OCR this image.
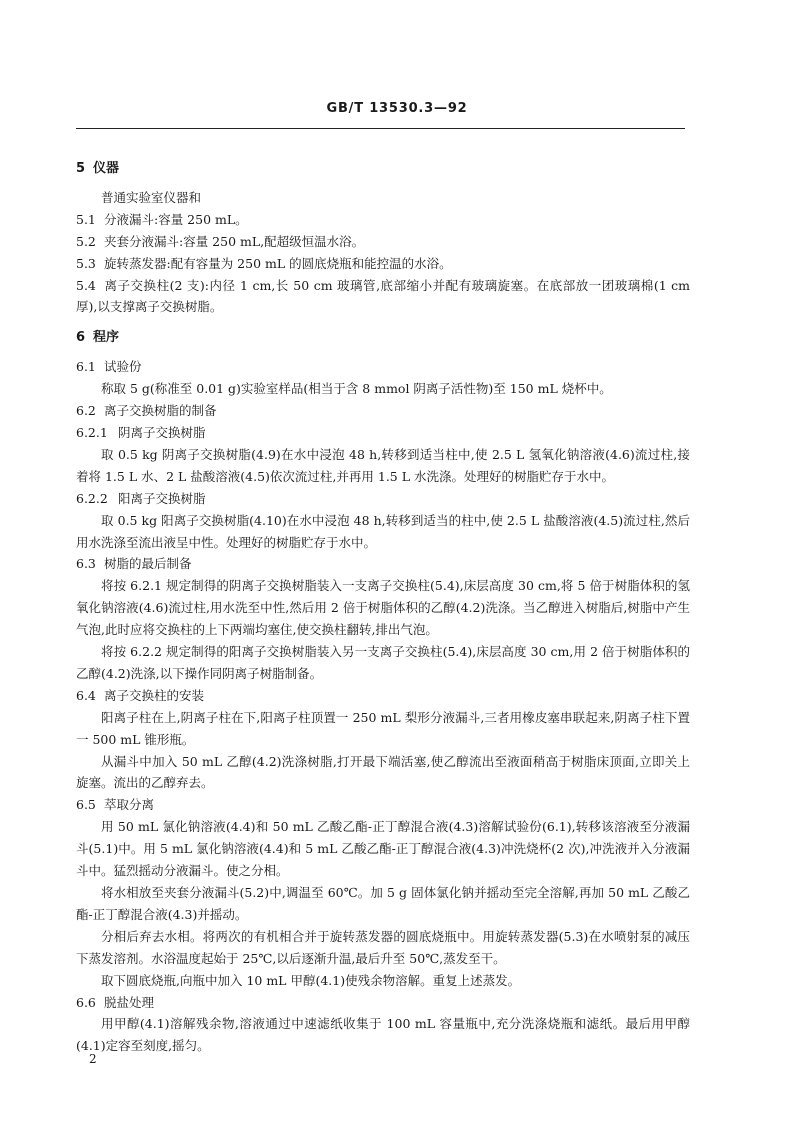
GB/T 13530.3—92
5 仪器
普通实验室仪器和
5.1 分液漏斗:容量 250 mL。
5.2 夹套分液漏斗:容量 250 mL,配超级恒温水浴。
5.3 旋转蒸发器:配有容量为 250 mL 的圆底烧瓶和能控温的水浴。
5.4 离子交换柱(2 支):内径 1 cm,长 50 cm 玻璃管,底部缩小并配有玻璃旋塞。在底部放一团玻璃棉(1 cm 厚),以支撑离子交换树脂。
6 程序
6.1 试验份
称取 5 g(称准至 0.01 g)实验室样品(相当于含 8 mmol 阴离子活性物)至 150 mL 烧杯中。
6.2 离子交换树脂的制备
6.2.1 阴离子交换树脂
取 0.5 kg 阴离子交换树脂(4.9)在水中浸泡 48 h,转移到适当柱中,使 2.5 L 氢氧化钠溶液(4.6)流过柱,接着将 1.5 L 水、2 L 盐酸溶液(4.5)依次流过柱,并再用 1.5 L 水洗涤。处理好的树脂贮存于水中。
6.2.2 阳离子交换树脂
取 0.5 kg 阳离子交换树脂(4.10)在水中浸泡 48 h,转移到适当的柱中,使 2.5 L 盐酸溶液(4.5)流过柱,然后用水洗涤至流出液呈中性。处理好的树脂贮存于水中。
6.3 树脂的最后制备
将按 6.2.1 规定制得的阴离子交换树脂装入一支离子交换柱(5.4),床层高度 30 cm,将 5 倍于树脂体积的氢氧化钠溶液(4.6)流过柱,用水洗至中性,然后用 2 倍于树脂体积的乙醇(4.2)洗涤。当乙醇进入树脂后,树脂中产生气泡,此时应将交换柱的上下两端均塞住,使交换柱翻转,排出气泡。
将按 6.2.2 规定制得的阳离子交换树脂装入另一支离子交换柱(5.4),床层高度 30 cm,用 2 倍于树脂体积的乙醇(4.2)洗涤,以下操作同阴离子树脂制备。
6.4 离子交换柱的安装
阳离子柱在上,阴离子柱在下,阳离子柱顶置一 250 mL 梨形分液漏斗,三者用橡皮塞串联起来,阴离子柱下置一 500 mL 锥形瓶。
从漏斗中加入 50 mL 乙醇(4.2)洗涤树脂,打开最下端活塞,使乙醇流出至液面稍高于树脂床顶面,立即关上旋塞。流出的乙醇弃去。
6.5 萃取分离
用 50 mL 氯化钠溶液(4.4)和 50 mL 乙酸乙酯-正丁醇混合液(4.3)溶解试验份(6.1),转移该溶液至分液漏斗(5.1)中。用 5 mL 氯化钠溶液(4.4)和 5 mL 乙酸乙酯-正丁醇混合液(4.3)冲洗烧杯(2 次),冲洗液并入分液漏斗中。猛烈摇动分液漏斗。使之分相。
将水相放至夹套分液漏斗(5.2)中,调温至 60℃。加 5 g 固体氯化钠并摇动至完全溶解,再加 50 mL 乙酸乙酯-正丁醇混合液(4.3)并摇动。
分相后弃去水相。将两次的有机相合并于旋转蒸发器的圆底烧瓶中。用旋转蒸发器(5.3)在水喷射泵的减压下蒸发溶剂。水浴温度起始于 25℃,以后逐渐升温,最后升至 50℃,蒸发至干。
取下圆底烧瓶,向瓶中加入 10 mL 甲醇(4.1)使残余物溶解。重复上述蒸发。
6.6 脱盐处理
用甲醇(4.1)溶解残余物,溶液通过中速滤纸收集于 100 mL 容量瓶中,充分洗涤烧瓶和滤纸。最后用甲醇(4.1)定容至刻度,摇匀。
2
